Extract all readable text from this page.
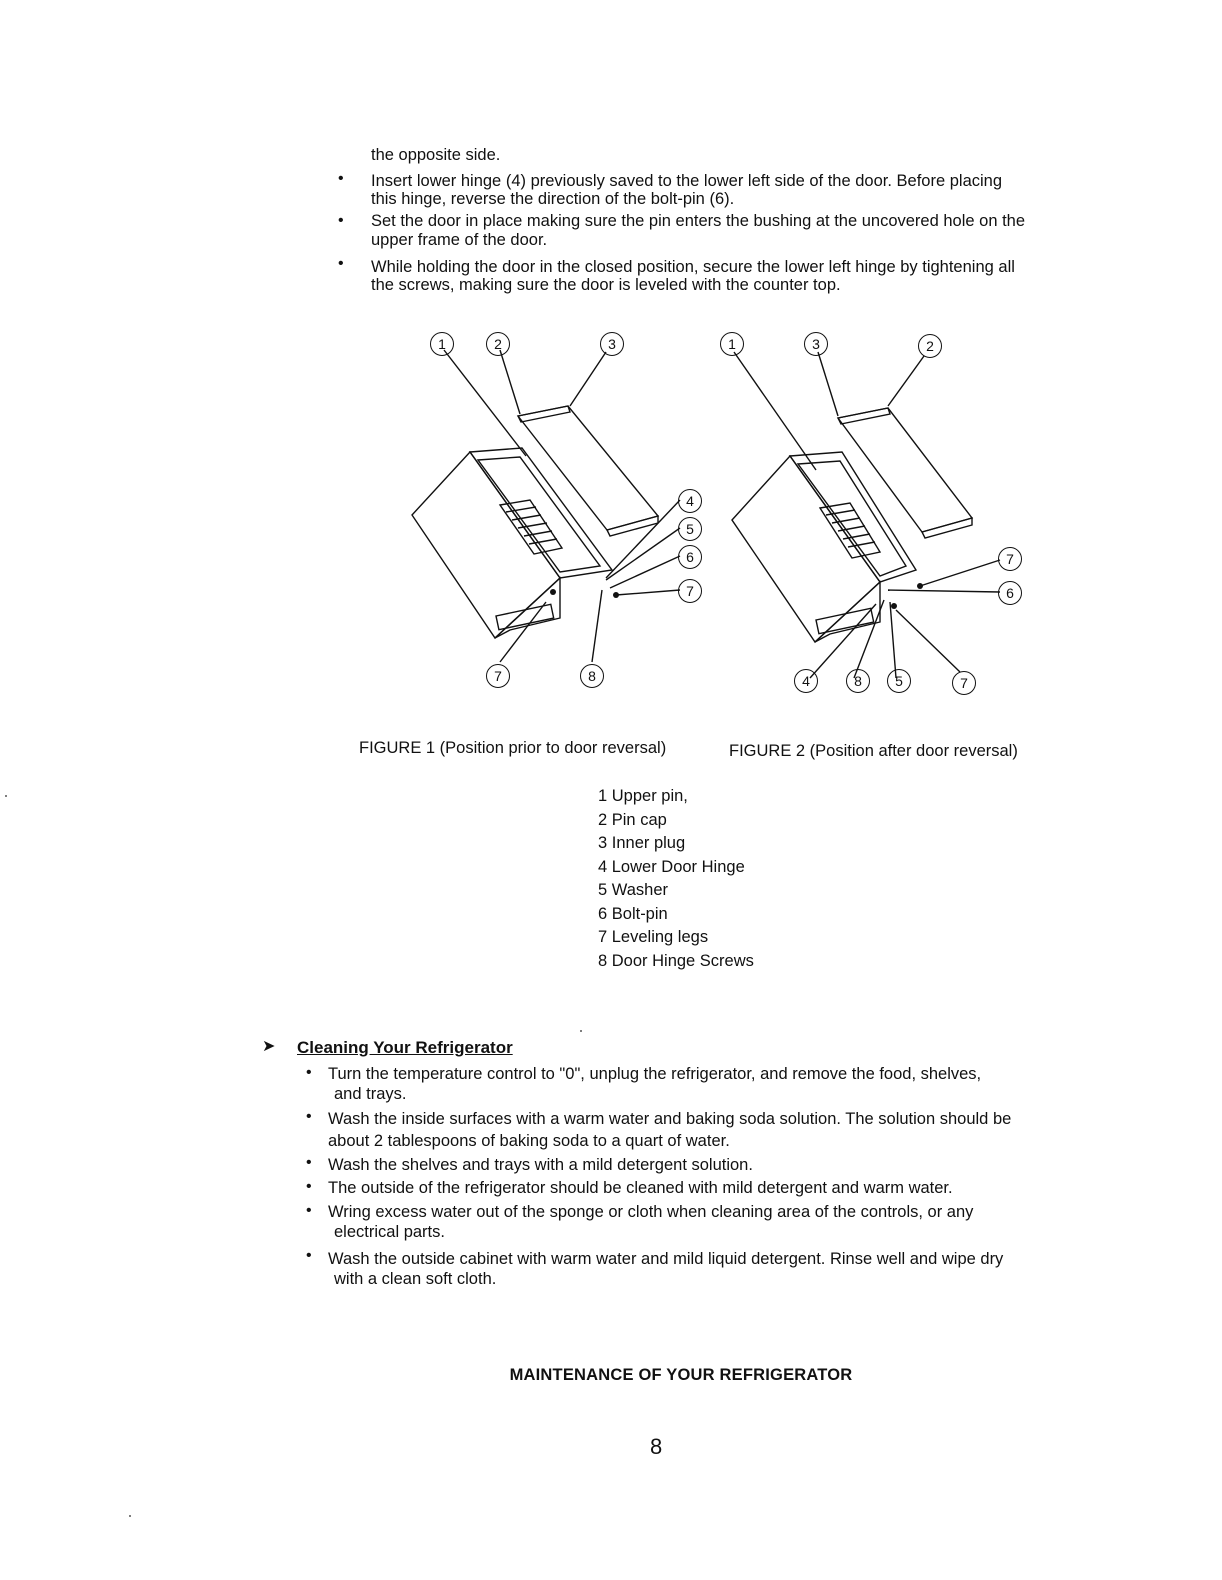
the opposite side.
• Insert lower hinge (4) previously saved to the lower left side of the door. Before placing
this hinge, reverse the direction of the bolt-pin (6).
• Set the door in place making sure the pin enters the bushing at the uncovered hole on the
upper frame of the door.
• While holding the door in the closed position, secure the lower left hinge by tightening all
the screws, making sure the door is leveled with the counter top.
1	2	3
4
5
6
7
7	8
1	3	2
7
6
4	8	5	7
FIGURE 1 (Position prior to door reversal)	FIGURE 2 (Position after door reversal)
1 Upper pin,
2 Pin cap
3 Inner plug
4 Lower Door Hinge
5 Washer
6 Bolt-pin
7 Leveling legs
8 Door Hinge Screws
➤ Cleaning Your Refrigerator
• Turn the temperature control to "0", unplug the refrigerator, and remove the food, shelves,
and trays.
• Wash the inside surfaces with a warm water and baking soda solution. The solution should be
about 2 tablespoons of baking soda to a quart of water.
• Wash the shelves and trays with a mild detergent solution.
• The outside of the refrigerator should be cleaned with mild detergent and warm water.
• Wring excess water out of the sponge or cloth when cleaning area of the controls, or any
electrical parts.
• Wash the outside cabinet with warm water and mild liquid detergent. Rinse well and wipe dry
with a clean soft cloth.
MAINTENANCE OF YOUR REFRIGERATOR
8
